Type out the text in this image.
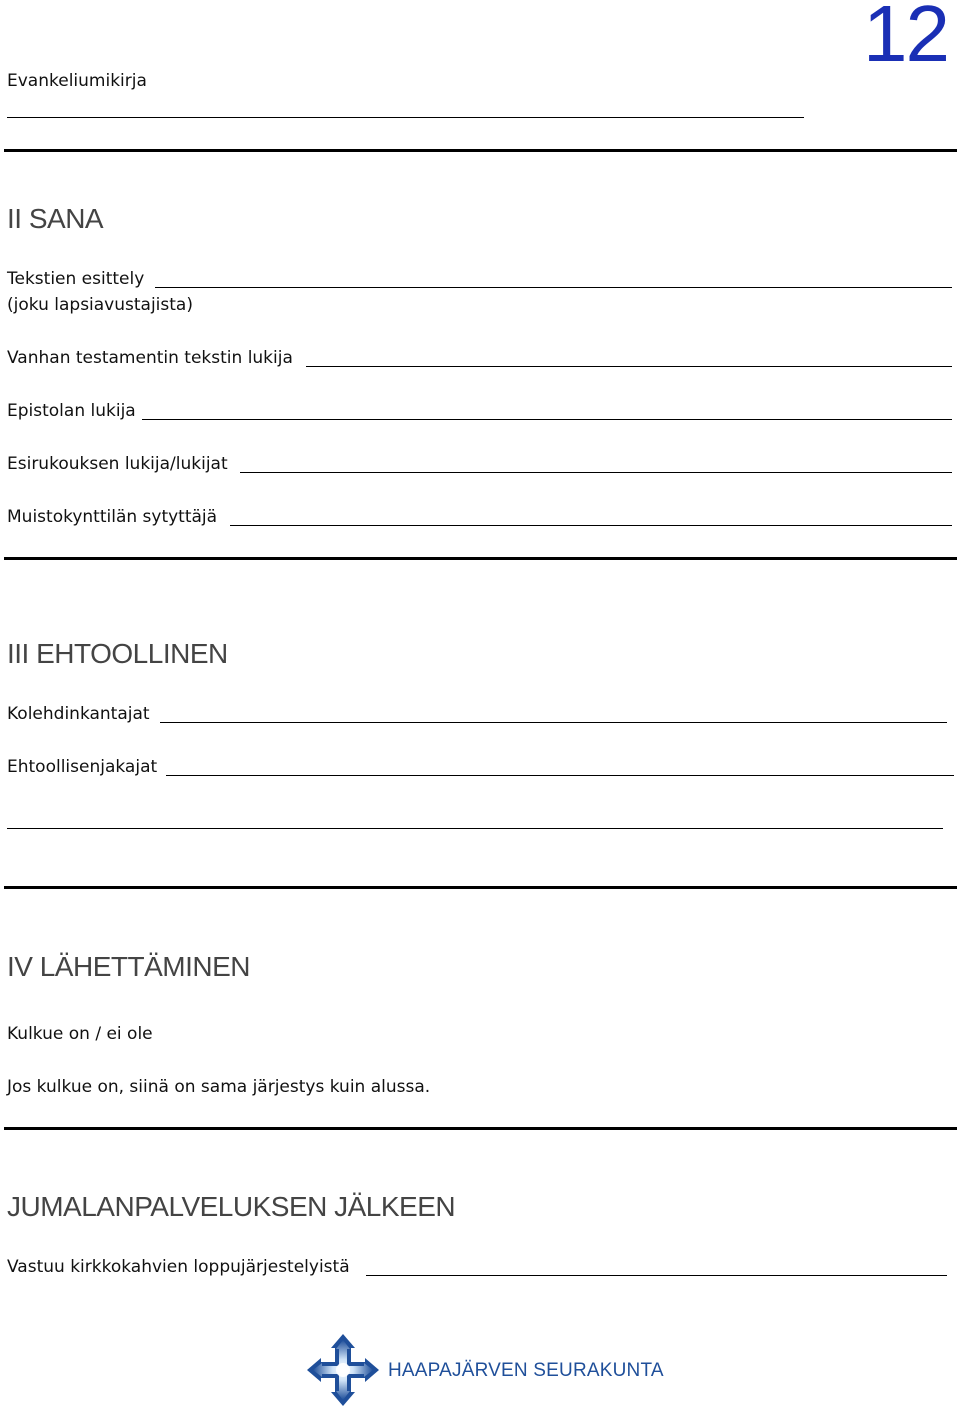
Evankeliumikirja
12
II SANA
Tekstien esittely
(joku lapsiavustajista)
Vanhan testamentin tekstin lukija
Epistolan lukija
Esirukouksen lukija/lukijat
Muistokynttilän sytyttäjä
III EHTOOLLINEN
Kolehdinkantajat
Ehtoollisenjakajat
IV LÄHETTÄMINEN
Kulkue on / ei ole
Jos kulkue on, siinä on sama järjestys kuin alussa.
JUMALANPALVELUKSEN JÄLKEEN
Vastuu kirkkokahvien loppujärjestelyistä
HAAPAJÄRVEN SEURAKUNTA
